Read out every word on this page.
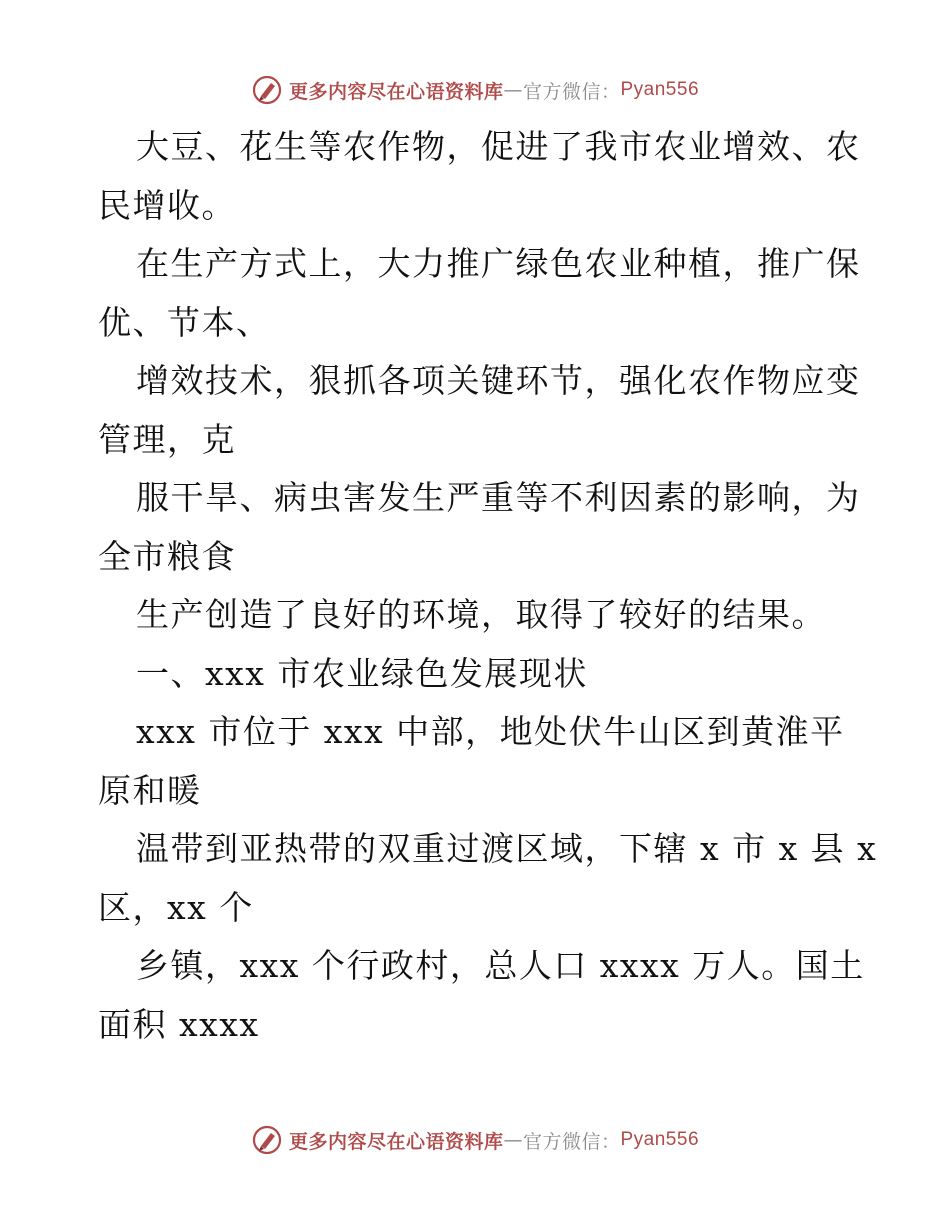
更多内容尽在心语资料库 — 官方微信： Pyan556
大豆、花生等农作物，促进了我市农业增效、农
民增收。
在生产方式上，大力推广绿色农业种植，推广保
优、节本、
增效技术，狠抓各项关键环节，强化农作物应变
管理，克
服干旱、病虫害发生严重等不利因素的影响，为
全市粮食
生产创造了良好的环境，取得了较好的结果。
一、xxx 市农业绿色发展现状
xxx 市位于 xxx 中部，地处伏牛山区到黄淮平
原和暖
温带到亚热带的双重过渡区域，下辖 x 市 x 县 x
区，xx 个
乡镇，xxx 个行政村，总人口 xxxx 万人。国土
面积 xxxx
更多内容尽在心语资料库 — 官方微信： Pyan556
